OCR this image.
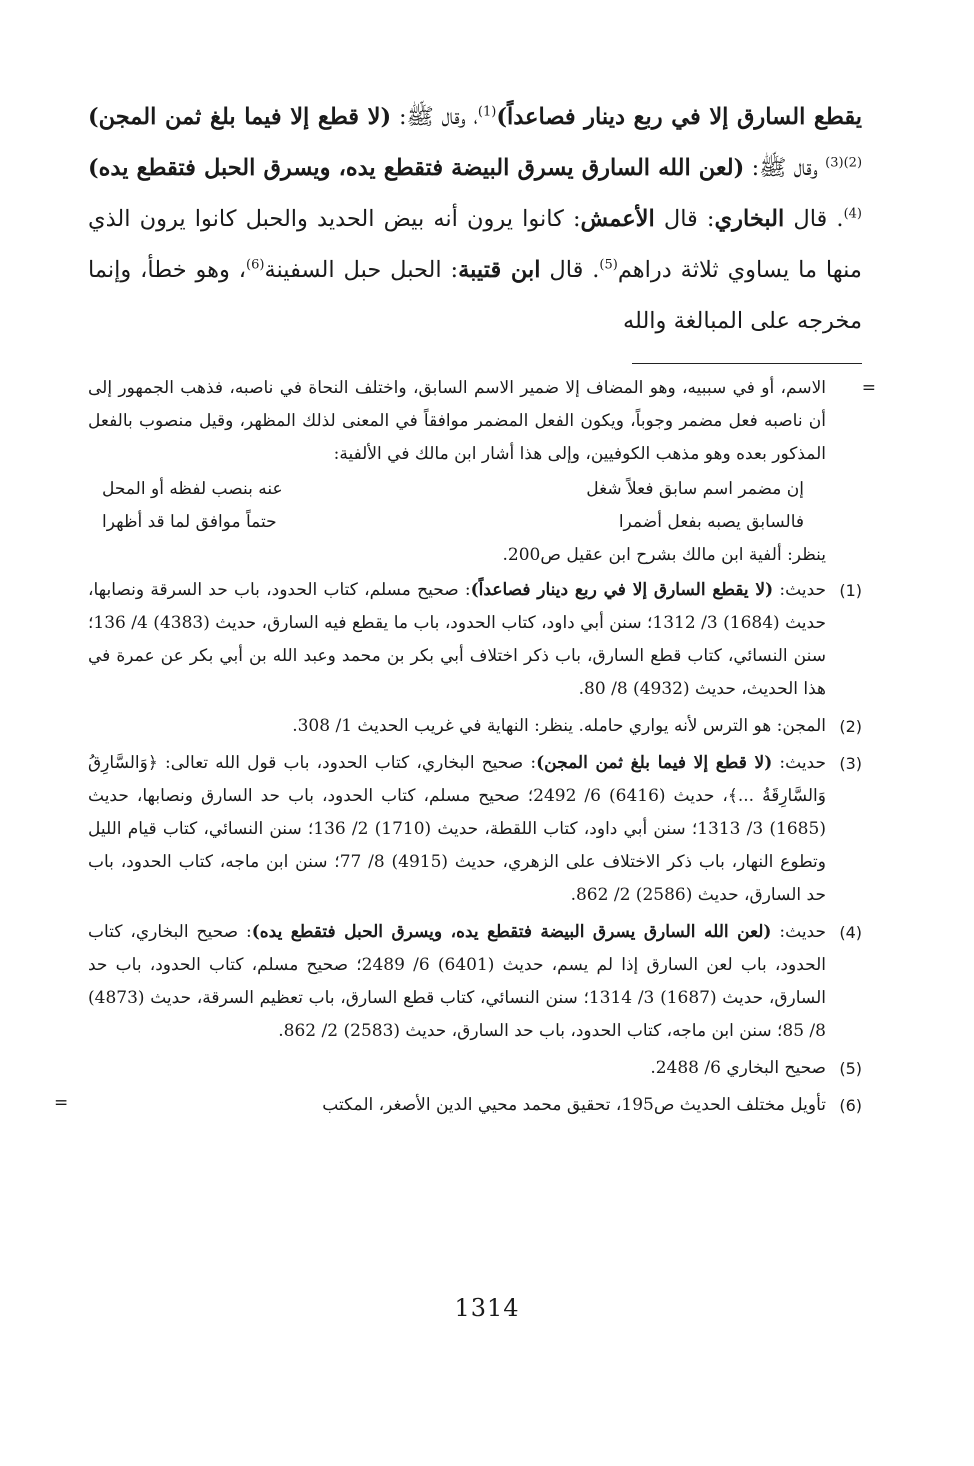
يقطع السارق إلا في ربع دينار فصاعداً)$^{(1)}$، وقال ﷺ: (لا قطع إلا فيما بلغ ثمن المجن)$^{(2)(3)}$ وقال ﷺ: (لعن الله السارق يسرق البيضة فتقطع يده، ويسرق الحبل فتقطع يده)$^{(4)}$. قال البخاري: قال الأعمش: كانوا يرون أنه بيض الحديد والحبل كانوا يرون الذي منها ما يساوي ثلاثة دراهم$^{(5)}$. قال ابن قتيبة: الحبل حبل السفينة$^{(6)}$، وهو خطأ، وإنما مخرجه على المبالغة والله
=
الاسم، أو في سببيه، وهو المضاف إلا ضمير الاسم السابق، واختلف النحاة في ناصبه، فذهب الجمهور إلى أن ناصبه فعل مضمر وجوباً، ويكون الفعل المضمر موافقاً في المعنى لذلك المظهر، وقيل منصوب بالفعل المذكور بعده وهو مذهب الكوفيين، وإلى هذا أشار ابن مالك في الألفية:
إن مضمر اسم سابق فعلاً شغل
عنه بنصب لفظه أو المحل
فالسابق يصبه بفعل أضمرا
حتماً موافق لما قد أظهرا
ينظر: ألفية ابن مالك بشرح ابن عقيل ص200.
(1)
حديث: (لا يقطع السارق إلا في ربع دينار فصاعداً): صحيح مسلم، كتاب الحدود، باب حد السرقة ونصابها، حديث (1684) 3/ 1312؛ سنن أبي داود، كتاب الحدود، باب ما يقطع فيه السارق، حديث (4383) 4/ 136؛ سنن النسائي، كتاب قطع السارق، باب ذكر اختلاف أبي بكر بن محمد وعبد الله بن أبي بكر عن عمرة في هذا الحديث، حديث (4932) 8/ 80.
(2)
المجن: هو الترس لأنه يواري حامله. ينظر: النهاية في غريب الحديث 1/ 308.
(3)
حديث: (لا قطع إلا فيما بلغ ثمن المجن): صحيح البخاري، كتاب الحدود، باب قول الله تعالى: ﴿وَالسَّارِقُ وَالسَّارِقَةُ ...﴾، حديث (6416) 6/ 2492؛ صحيح مسلم، كتاب الحدود، باب حد السارق ونصابها، حديث (1685) 3/ 1313؛ سنن أبي داود، كتاب اللقطة، حديث (1710) 2/ 136؛ سنن النسائي، كتاب قيام الليل وتطوع النهار، باب ذكر الاختلاف على الزهري، حديث (4915) 8/ 77؛ سنن ابن ماجه، كتاب الحدود، باب حد السارق، حديث (2586) 2/ 862.
(4)
حديث: (لعن الله السارق يسرق البيضة فتقطع يده، ويسرق الحبل فتقطع يده): صحيح البخاري، كتاب الحدود، باب لعن السارق إذا لم يسم، حديث (6401) 6/ 2489؛ صحيح مسلم، كتاب الحدود، باب حد السارق، حديث (1687) 3/ 1314؛ سنن النسائي، كتاب قطع السارق، باب تعظيم السرقة، حديث (4873) 8/ 85؛ سنن ابن ماجه، كتاب الحدود، باب حد السارق، حديث (2583) 2/ 862.
(5)
صحيح البخاري 6/ 2488.
(6)
تأويل مختلف الحديث ص195، تحقيق محمد محيي الدين الأصغر، المكتب
=
1314
